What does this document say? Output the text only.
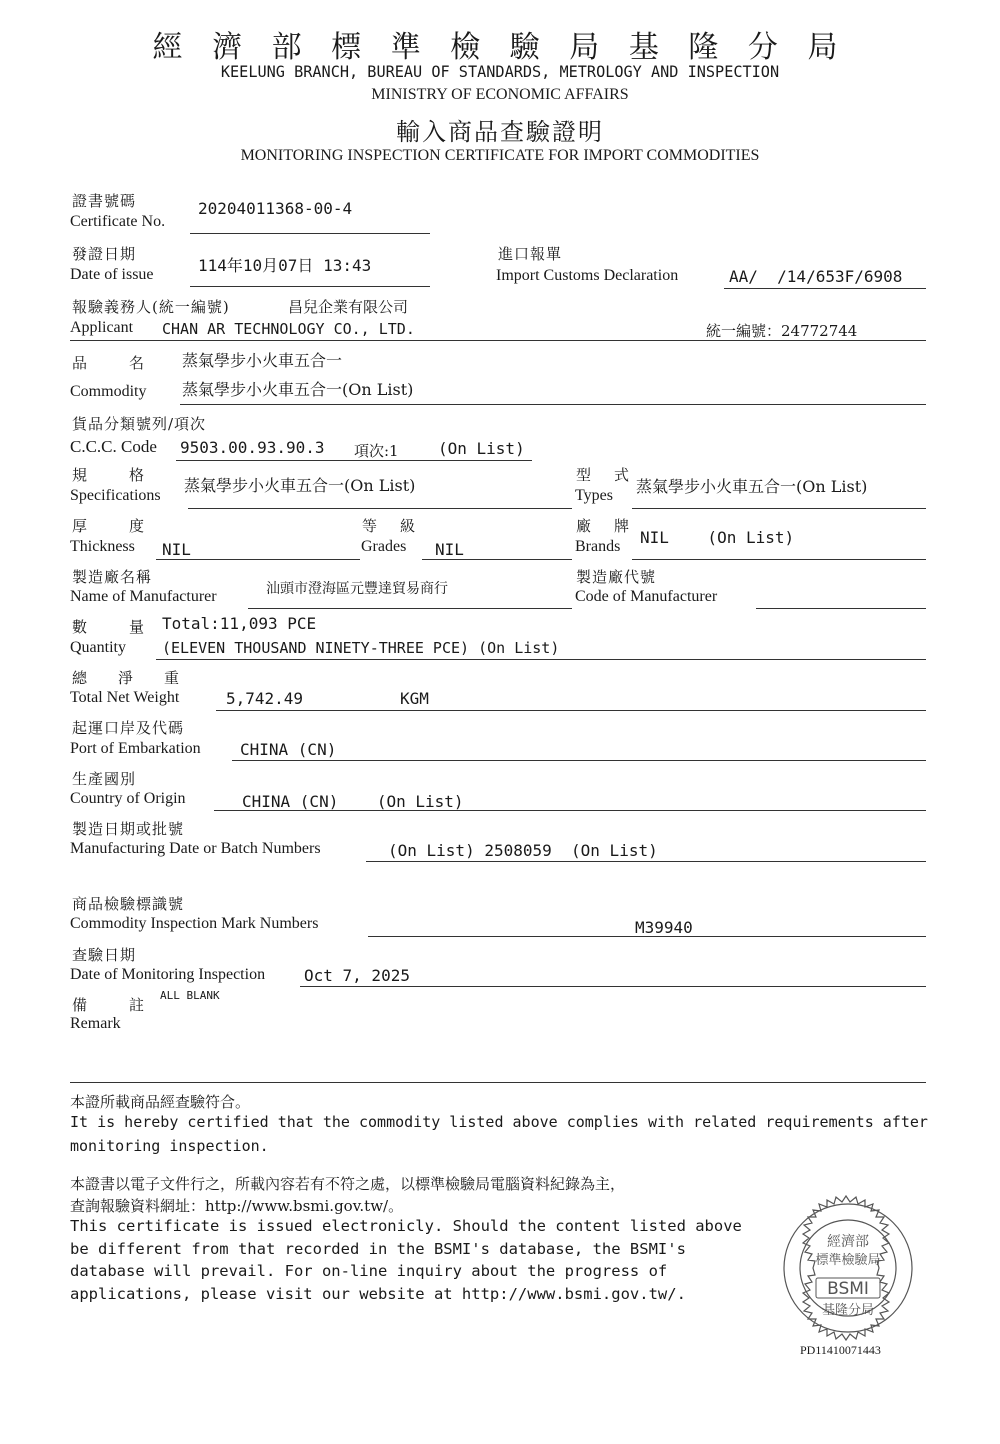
經 濟 部 標 準 檢 驗 局 基 隆 分 局
KEELUNG BRANCH, BUREAU OF STANDARDS, METROLOGY AND INSPECTION
MINISTRY OF ECONOMIC AFFAIRS
輸入商品查驗證明
MONITORING INSPECTION CERTIFICATE FOR IMPORT COMMODITIES
證書號碼
Certificate No.
20204011368-00-4
發證日期
Date of issue	114年10月07日 13:43
進口報單
Import Customs Declaration	AA/  /14/653F/6908
報驗義務人(統一編號)	昌兒企業有限公司
Applicant CHAN AR TECHNOLOGY CO., LTD.	統一編號：24772744
品　　名 蒸氣學步小火車五合一
Commodity 蒸氣學步小火車五合一(On List)
貨品分類號列/項次
C.C.C. Code 9503.00.93.90.3 項次:1 (On List)
規　　格
Specifications
蒸氣學步小火車五合一(On List)
型　式
Types 蒸氣學步小火車五合一(On List)
厚　　度
Thickness NIL
等　級
Grades NIL
廠　牌
Brands NIL    (On List)
製造廠名稱
Name of Manufacturer	汕頭市澄海區元豐達貿易商行
製造廠代號
Code of Manufacturer
數　　量 Total:11,093 PCE
Quantity (ELEVEN THOUSAND NINETY-THREE PCE) (On List)
總　淨　重
Total Net Weight	5,742.49	KGM
起運口岸及代碼
Port of Embarkation CHINA (CN)
生產國別
Country of Origin	CHINA (CN)    (On List)
製造日期或批號
Manufacturing Date or Batch Numbers	(On List) 2508059  (On List)
商品檢驗標識號
Commodity Inspection Mark Numbers	M39940
查驗日期
Date of Monitoring Inspection Oct 7, 2025
備　　註
Remark
ALL BLANK
本證所載商品經查驗符合。
It is hereby certified that the commodity listed above complies with related requirements after
monitoring inspection.
本證書以電子文件行之，所載內容若有不符之處，以標準檢驗局電腦資料紀錄為主，
查詢報驗資料網址：http://www.bsmi.gov.tw/。
This certificate is issued electronicly. Should the content listed above
be different from that recorded in the BSMI's database, the BSMI's
database will prevail. For on-line inquiry about the progress of
applications, please visit our website at http://www.bsmi.gov.tw/.
經濟部
標準檢驗局
BSMI
基隆分局
PD11410071443
